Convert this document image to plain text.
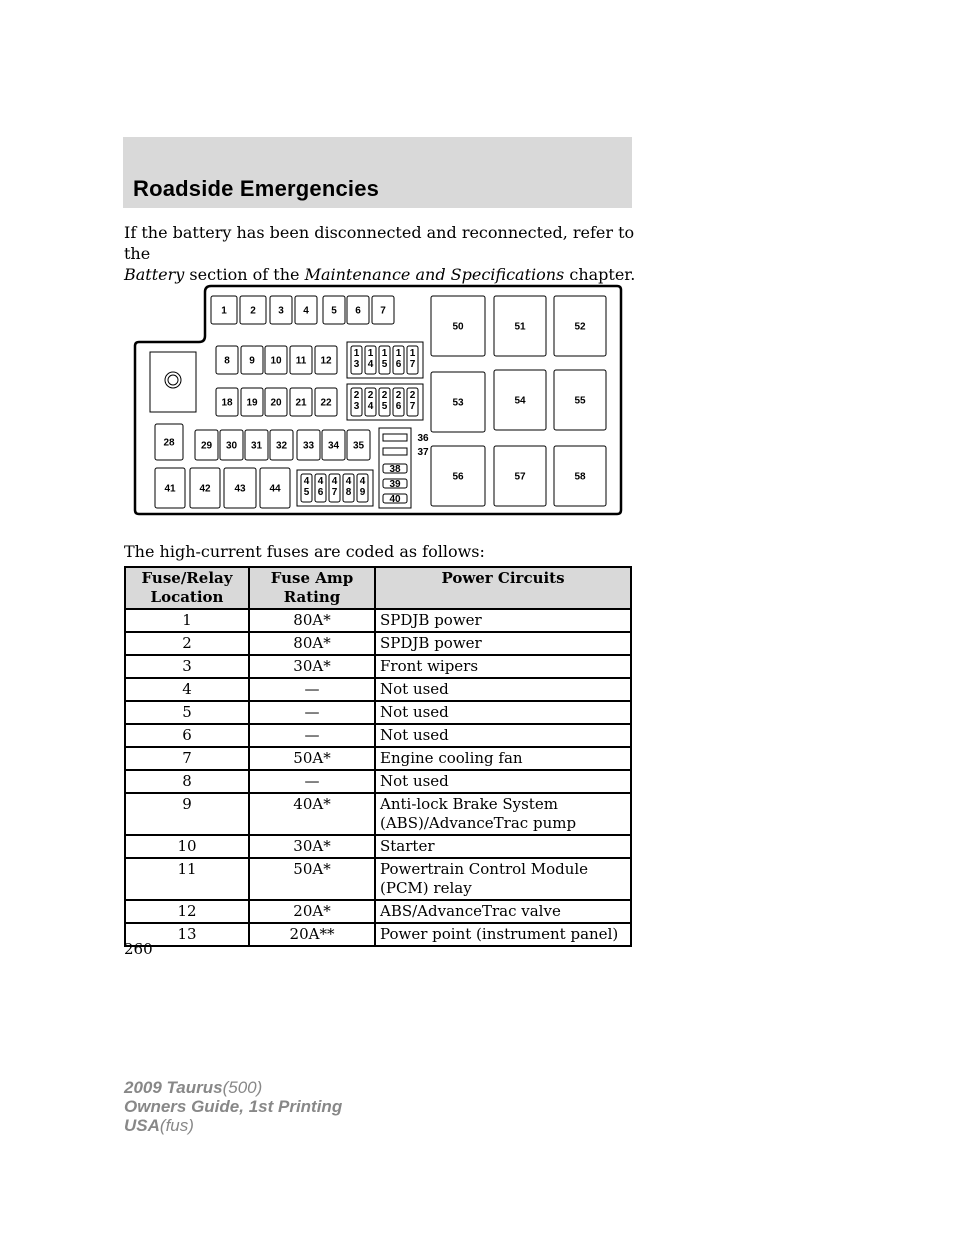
Roadside Emergencies
If the battery has been disconnected and reconnected, refer to the
Battery section of the Maintenance and Specifications chapter.
1 2 3 4 5 6 7
8 9 10 11 12
1 3
1 4
1 5
1 6
1 7
18 19 20 21 22
2 3
2 4
2 5
2 6
2 7
28	29 30 31 32 33 34 35
36
37
38
39
40
41 42 43 44
4 5
4 6
4 7
4 8
4 9
50	51	52
53	54	55
56	57	58
The high-current fuses are coded as follows:
Fuse/Relay Location	Fuse Amp Rating	Power Circuits
1	80A*	SPDJB power
2	80A*	SPDJB power
3	30A*	Front wipers
4	—	Not used
5	—	Not used
6	—	Not used
7	50A*	Engine cooling fan
8	—	Not used
9	40A*	Anti-lock Brake System (ABS)/AdvanceTrac pump
10	30A*	Starter
11	50A*	Powertrain Control Module (PCM) relay
12	20A*	ABS/AdvanceTrac valve
13	20A**	Power point (instrument panel)
260
2009 Taurus(500)
Owners Guide, 1st Printing
USA(fus)
